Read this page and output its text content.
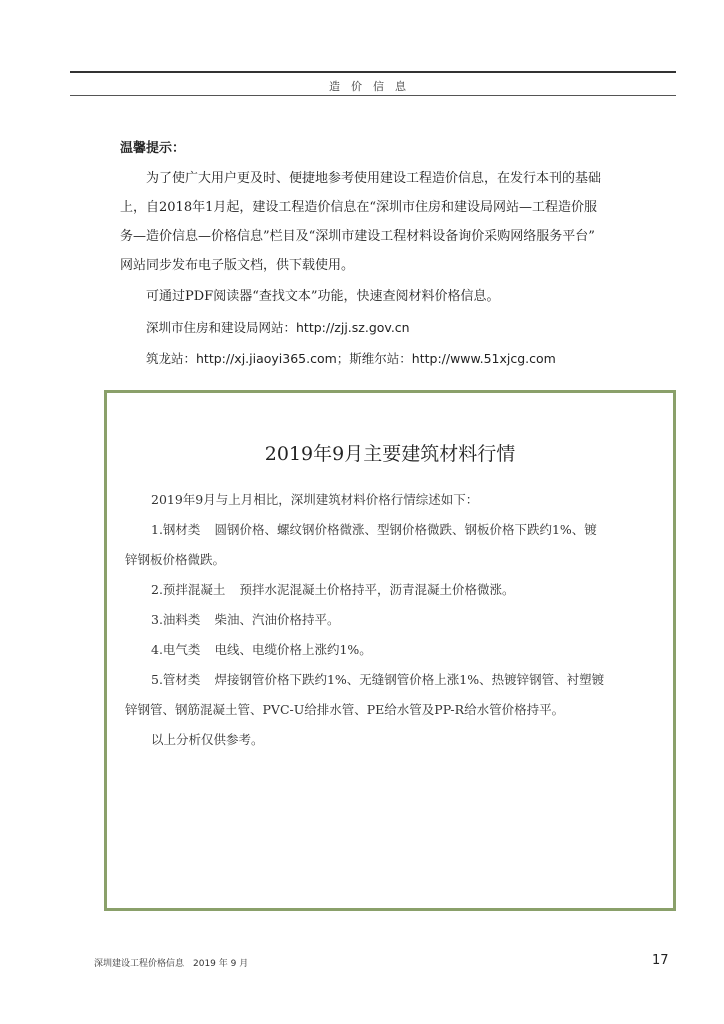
造价信息
温馨提示：
为了使广大用户更及时、便捷地参考使用建设工程造价信息，在发行本刊的基础
上，自2018年1月起，建设工程造价信息在“深圳市住房和建设局网站—工程造价服
务—造价信息—价格信息”栏目及“深圳市建设工程材料设备询价采购网络服务平台”
网站同步发布电子版文档，供下载使用。
可通过PDF阅读器“查找文本”功能，快速查阅材料价格信息。
深圳市住房和建设局网站：http://zjj.sz.gov.cn
筑龙站：http://xj.jiaoyi365.com；斯维尔站：http://www.51xjcg.com
2019年9月主要建筑材料行情
2019年9月与上月相比，深圳建筑材料价格行情综述如下：
1.钢材类 圆钢价格、螺纹钢价格微涨、型钢价格微跌、钢板价格下跌约1%、镀
锌钢板价格微跌。
2.预拌混凝土 预拌水泥混凝土价格持平，沥青混凝土价格微涨。
3.油料类 柴油、汽油价格持平。
4.电气类 电线、电缆价格上涨约1%。
5.管材类 焊接钢管价格下跌约1%、无缝钢管价格上涨1%、热镀锌钢管、衬塑镀
锌钢管、钢筋混凝土管、PVC-U给排水管、PE给水管及PP-R给水管价格持平。
以上分析仅供参考。
深圳建设工程价格信息　2019 年 9 月	17
